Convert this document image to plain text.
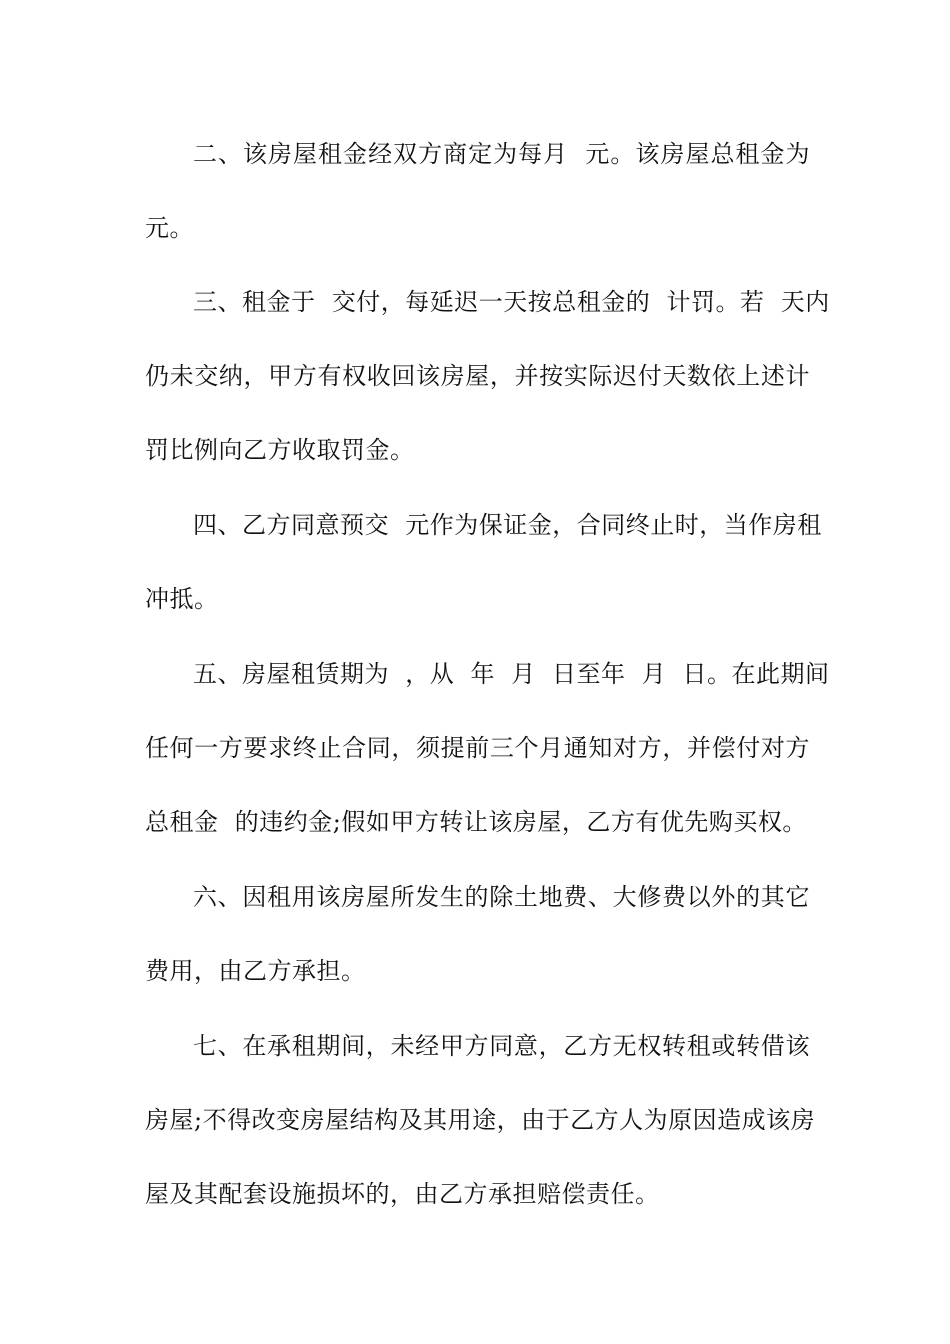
二、该房屋租金经双方商定为每月  元。该房屋总租金为
元。
三、租金于  交付，每延迟一天按总租金的  计罚。若  天内
仍未交纳，甲方有权收回该房屋，并按实际迟付天数依上述计
罚比例向乙方收取罚金。
四、乙方同意预交  元作为保证金，合同终止时，当作房租
冲抵。
五、房屋租赁期为  ，从  年  月  日至年  月  日。在此期间
任何一方要求终止合同，须提前三个月通知对方，并偿付对方
总租金  的违约金;假如甲方转让该房屋，乙方有优先购买权。
六、因租用该房屋所发生的除土地费、大修费以外的其它
费用，由乙方承担。
七、在承租期间，未经甲方同意，乙方无权转租或转借该
房屋;不得改变房屋结构及其用途，由于乙方人为原因造成该房
屋及其配套设施损坏的，由乙方承担赔偿责任。
